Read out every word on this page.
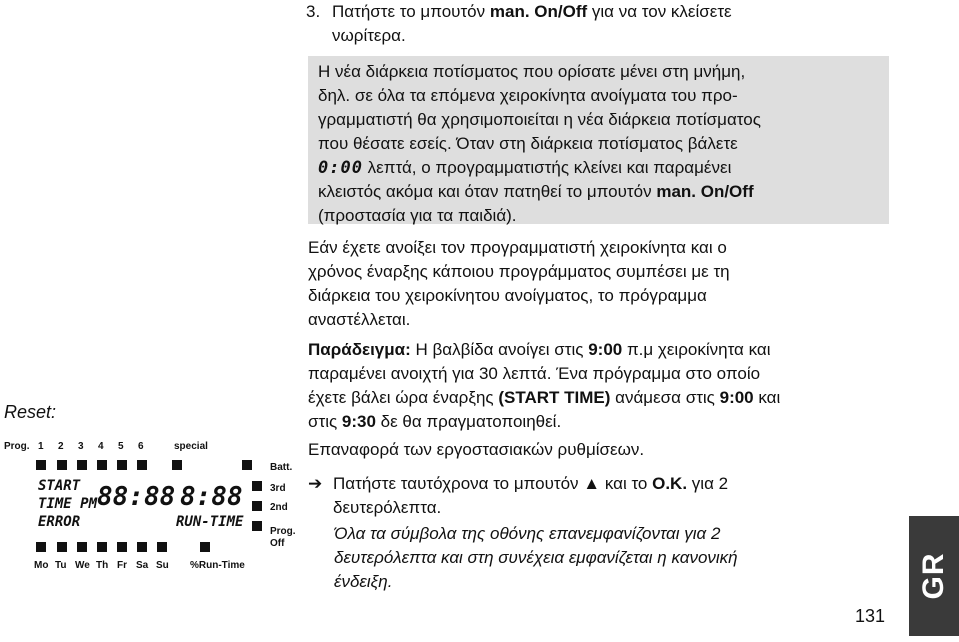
3. Πατήστε το μπουτόν man. On/Off για να τον κλείσετε
νωρίτερα.
Η νέα διάρκεια ποτίσματος που ορίσατε μένει στη μνήμη,
δηλ. σε όλα τα επόμενα χειροκίνητα ανοίγματα του προ-
γραμματιστή θα χρησιμοποιείται η νέα διάρκεια ποτίσματος
που θέσατε εσείς. Όταν στη διάρκεια ποτίσματος βάλετε
0:00 λεπτά, ο προγραμματιστής κλείνει και παραμένει
κλειστός ακόμα και όταν πατηθεί το μπουτόν man. On/Off
(προστασία για τα παιδιά).
Εάν έχετε ανοίξει τον προγραμματιστή χειροκίνητα και ο
χρόνος έναρξης κάποιου προγράμματος συμπέσει με τη
διάρκεια του χειροκίνητου ανοίγματος, το πρόγραμμα
αναστέλλεται.
Παράδειγμα: Η βαλβίδα ανοίγει στις 9:00 π.μ χειροκίνητα και
παραμένει ανοιχτή για 30 λεπτά. Ένα πρόγραμμα στο οποίο
έχετε βάλει ώρα έναρξης (START TIME) ανάμεσα στις 9:00 και
στις 9:30 δε θα πραγματοποιηθεί.
Reset:
Επαναφορά των εργοστασιακών ρυθμίσεων.
➔ Πατήστε ταυτόχρονα το μπουτόν ▲ και το O.K. για 2
δευτερόλεπτα.
Όλα τα σύμβολα της οθόνης επανεμφανίζονται για 2
δευτερόλεπτα και στη συνέχεια εμφανίζεται η κανονική
ένδειξη.
Prog. 1 2 3 4 5 6	special
Batt.
3rd
2nd
Prog.
Off
START
TIME PM
ERROR
88:88 8:88
RUN-TIME
Mo Tu We Th Fr Sa Su %Run-Time	GR
131
